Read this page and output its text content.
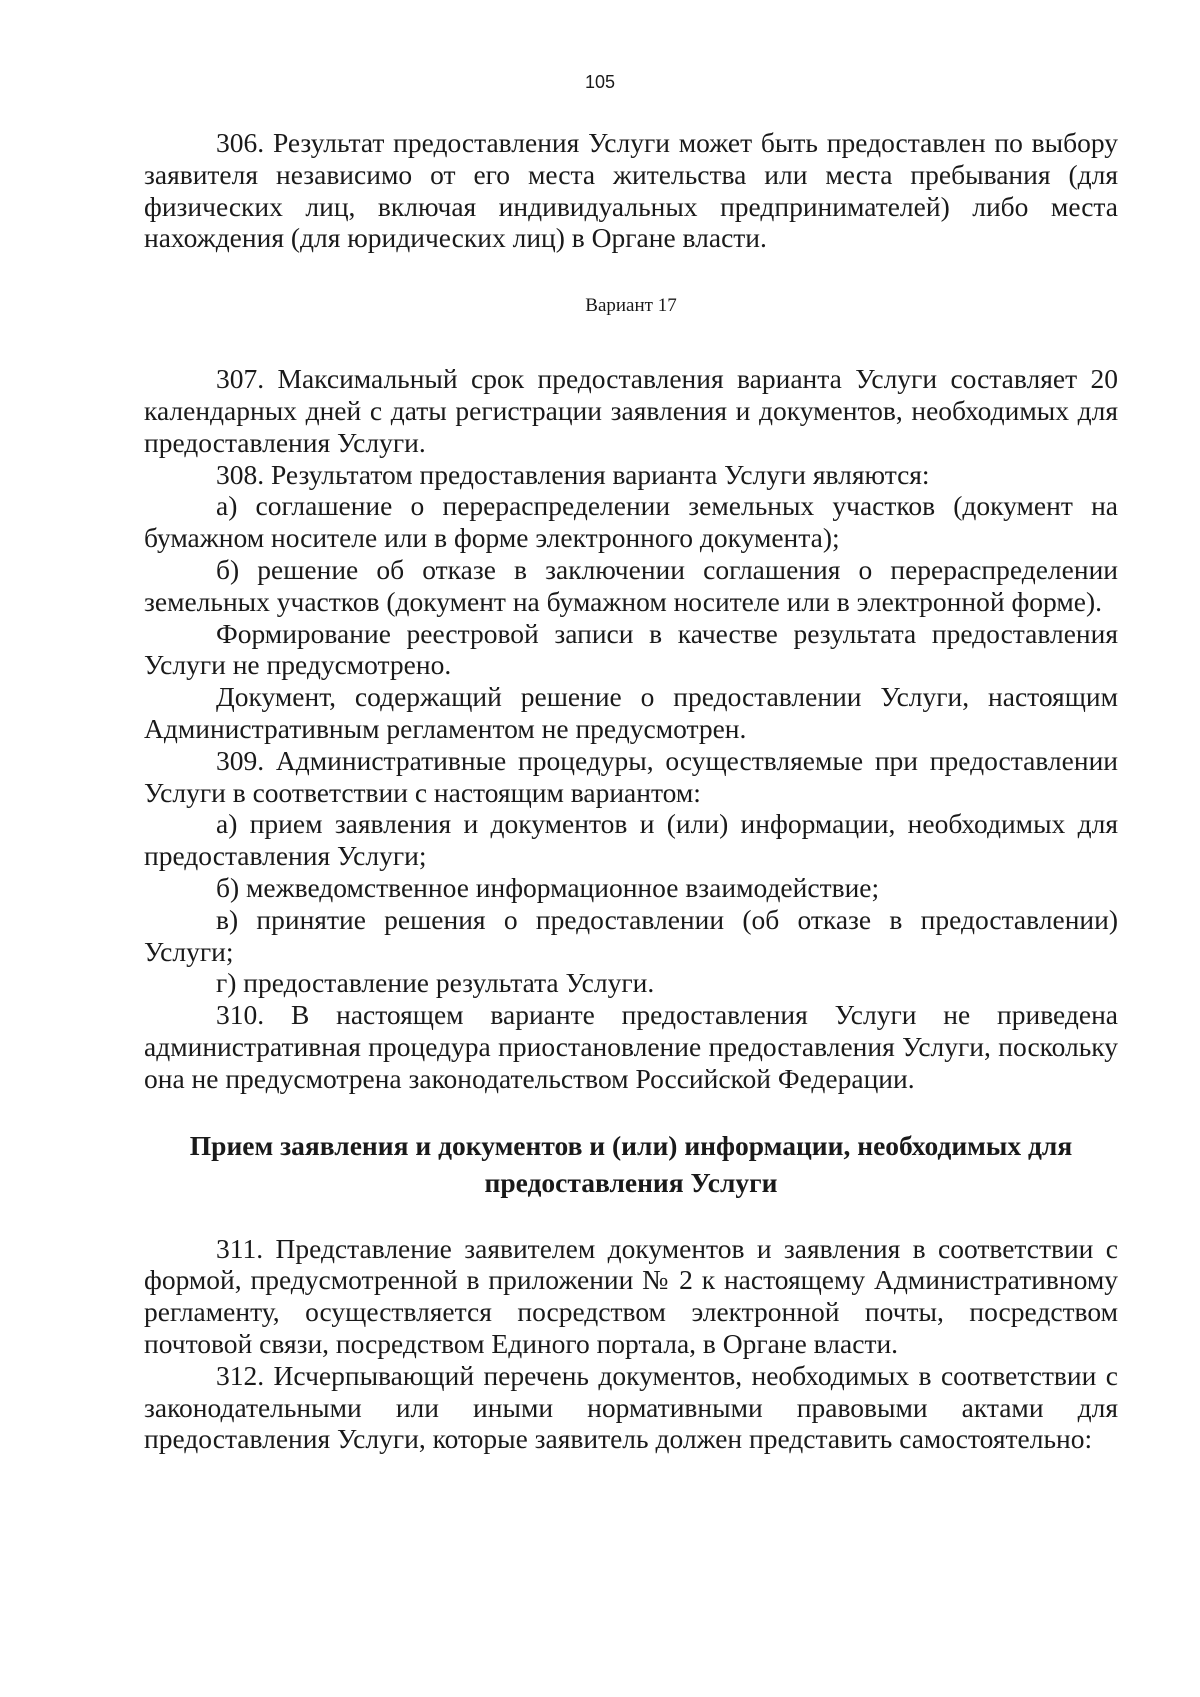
105

306. Результат предоставления Услуги может быть предоставлен по выбору заявителя независимо от его места жительства или места пребывания (для физических лиц, включая индивидуальных предпринимателей) либо места нахождения (для юридических лиц) в Органе власти.

Вариант 17

307. Максимальный срок предоставления варианта Услуги составляет 20 календарных дней с даты регистрации заявления и документов, необходимых для предоставления Услуги.

308. Результатом предоставления варианта Услуги являются:

а) соглашение о перераспределении земельных участков (документ на бумажном носителе или в форме электронного документа);

б) решение об отказе в заключении соглашения о перераспределении земельных участков (документ на бумажном носителе или в электронной форме).

Формирование реестровой записи в качестве результата предоставления Услуги не предусмотрено.

Документ, содержащий решение о предоставлении Услуги, настоящим Административным регламентом не предусмотрен.

309. Административные процедуры, осуществляемые при предоставлении Услуги в соответствии с настоящим вариантом:

а) прием заявления и документов и (или) информации, необходимых для предоставления Услуги;

б) межведомственное информационное взаимодействие;

в) принятие решения о предоставлении (об отказе в предоставлении) Услуги;

г) предоставление результата Услуги.

310. В настоящем варианте предоставления Услуги не приведена административная процедура приостановление предоставления Услуги, поскольку она не предусмотрена законодательством Российской Федерации.

Прием заявления и документов и (или) информации, необходимых для
предоставления Услуги

311. Представление заявителем документов и заявления в соответствии с формой, предусмотренной в приложении № 2 к настоящему Административному регламенту, осуществляется посредством электронной почты, посредством почтовой связи, посредством Единого портала, в Органе власти.

312. Исчерпывающий перечень документов, необходимых в соответствии с законодательными или иными нормативными правовыми актами для предоставления Услуги, которые заявитель должен представить самостоятельно:
